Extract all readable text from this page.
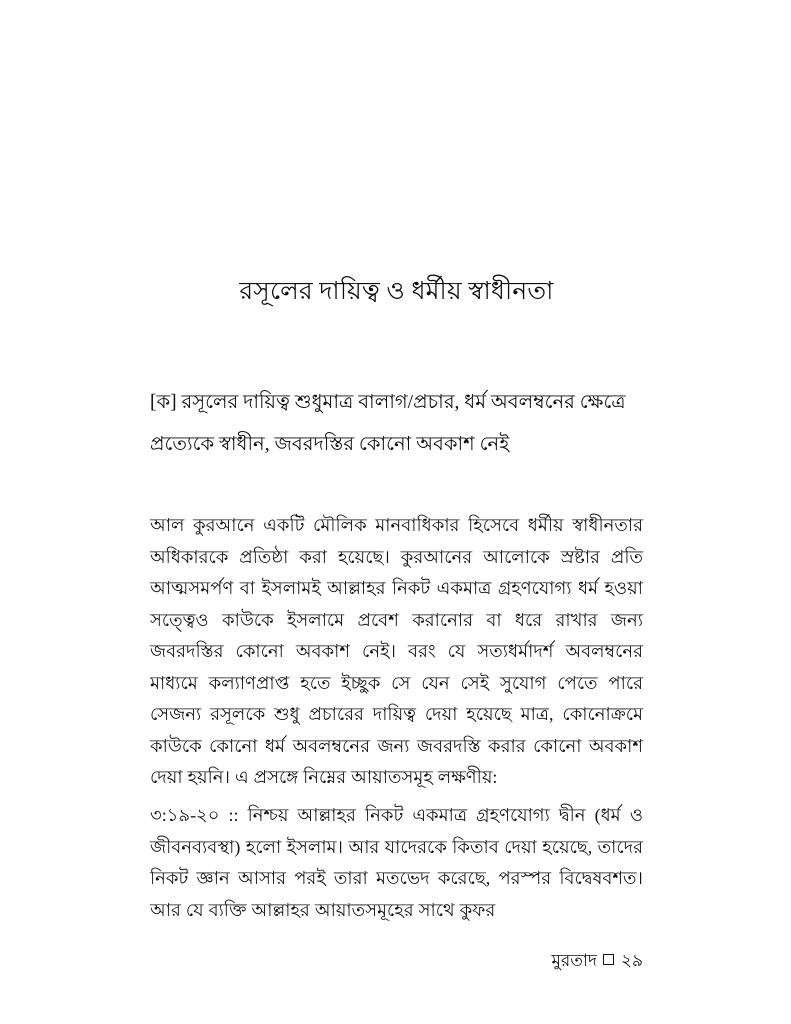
রসূলের দায়িত্ব ও ধর্মীয় স্বাধীনতা
[ক] রসূলের দায়িত্ব শুধুমাত্র বালাগ/প্রচার, ধর্ম অবলম্বনের ক্ষেত্রে প্রত্যেকে স্বাধীন, জবরদস্তির কোনো অবকাশ নেই

আল কুরআনে একটি মৌলিক মানবাধিকার হিসেবে ধর্মীয় স্বাধীনতার অধিকারকে প্রতিষ্ঠা করা হয়েছে। কুরআনের আলোকে স্রষ্টার প্রতি আত্মসমর্পণ বা ইসলামই আল্লাহর নিকট একমাত্র গ্রহণযোগ্য ধর্ম হওয়া সত্ত্বেও কাউকে ইসলামে প্রবেশ করানোর বা ধরে রাখার জন্য জবরদস্তির কোনো অবকাশ নেই। বরং যে সত্যধর্মাদর্শ অবলম্বনের মাধ্যমে কল্যাণপ্রাপ্ত হতে ইচ্ছুক সে যেন সেই সুযোগ পেতে পারে সেজন্য রসূলকে শুধু প্রচারের দায়িত্ব দেয়া হয়েছে মাত্র, কোনোক্রমে কাউকে কোনো ধর্ম অবলম্বনের জন্য জবরদস্তি করার কোনো অবকাশ দেয়া হয়নি। এ প্রসঙ্গে নিম্নের আয়াতসমূহ লক্ষণীয়:

৩:১৯-২০ :: নিশ্চয় আল্লাহর নিকট একমাত্র গ্রহণযোগ্য দ্বীন (ধর্ম ও জীবনব্যবস্থা) হলো ইসলাম। আর যাদেরকে কিতাব দেয়া হয়েছে, তাদের নিকট জ্ঞান আসার পরই তারা মতভেদ করেছে, পরস্পর বিদ্বেষবশত। আর যে ব্যক্তি আল্লাহর আয়াতসমূহের সাথে কুফর

মুরতাদ ২৯
